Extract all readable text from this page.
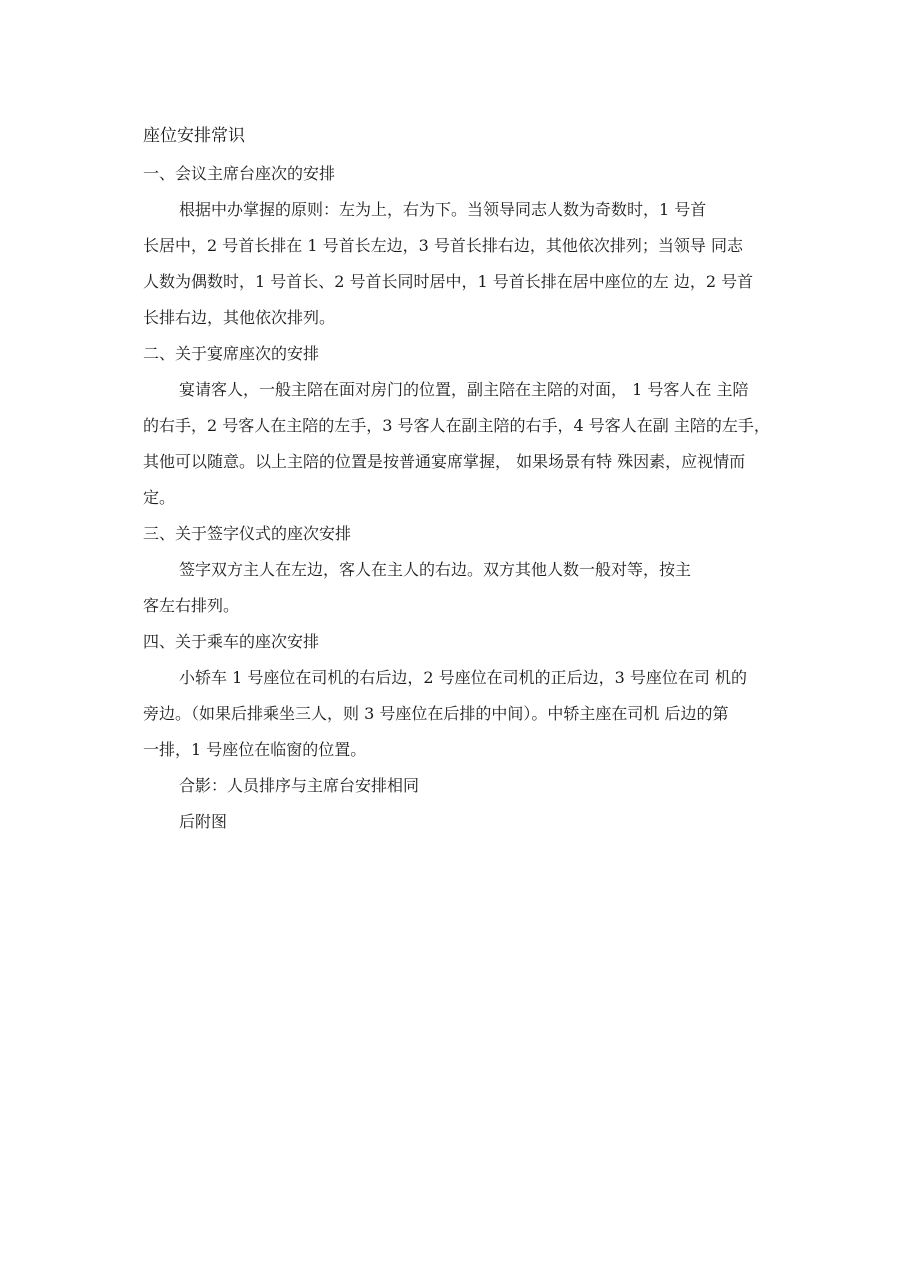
座位安排常识

一、会议主席台座次的安排

根据中办掌握的原则：左为上，右为下。当领导同志人数为奇数时，1 号首

长居中，2 号首长排在 1 号首长左边，3 号首长排右边，其他依次排列；当领导 同志

人数为偶数时，1 号首长、2 号首长同时居中，1 号首长排在居中座位的左 边，2 号首

长排右边，其他依次排列。

二、关于宴席座次的安排

宴请客人，一般主陪在面对房门的位置，副主陪在主陪的对面， 1 号客人在 主陪

的右手，2 号客人在主陪的左手，3 号客人在副主陪的右手，4 号客人在副 主陪的左手，

其他可以随意。以上主陪的位置是按普通宴席掌握， 如果场景有特 殊因素，应视情而

定。

三、关于签字仪式的座次安排

签字双方主人在左边，客人在主人的右边。双方其他人数一般对等，按主

客左右排列。

四、关于乘车的座次安排

小轿车 1 号座位在司机的右后边，2 号座位在司机的正后边，3 号座位在司 机的

旁边。（如果后排乘坐三人，则 3 号座位在后排的中间）。中轿主座在司机 后边的第

一排，1 号座位在临窗的位置。

合影：人员排序与主席台安排相同

后附图
